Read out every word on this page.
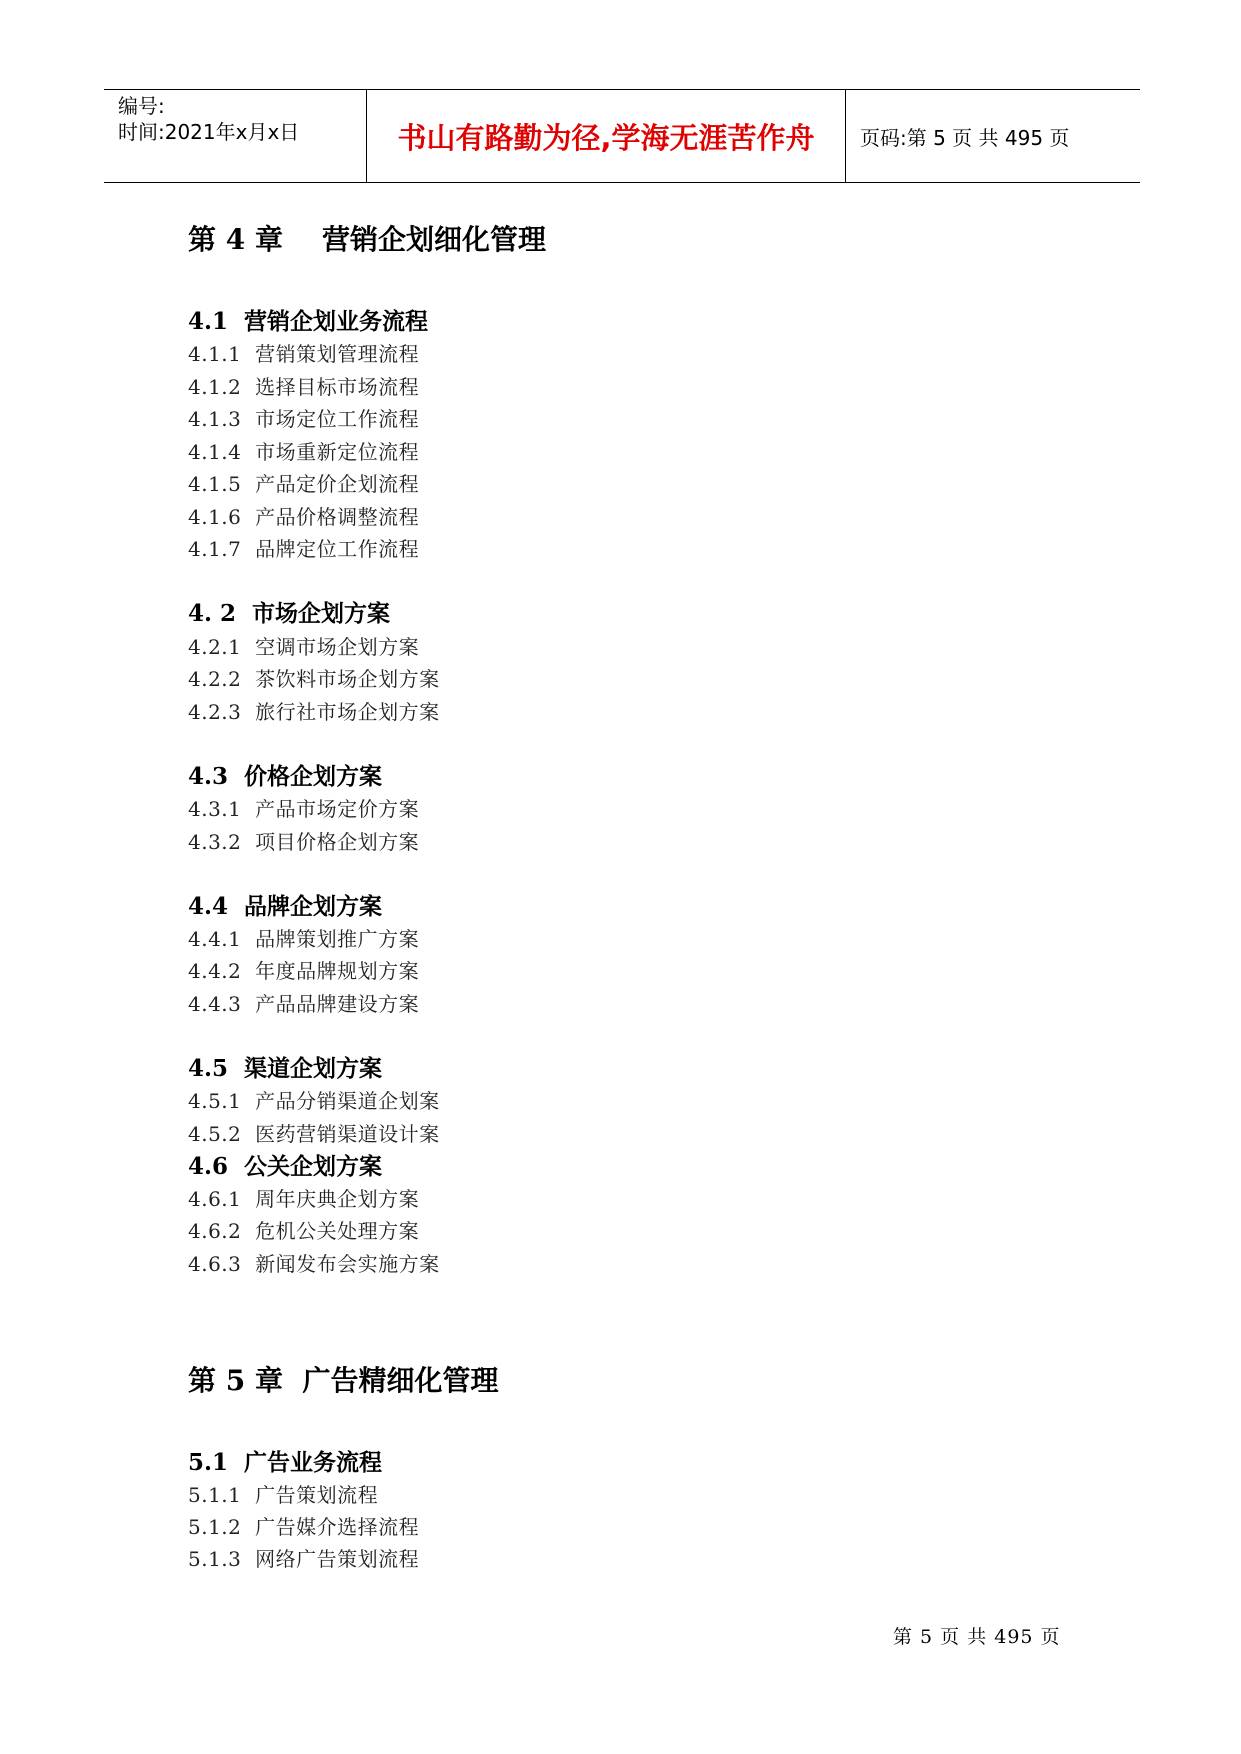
编号:
时间:2021年x月x日	书山有路勤为径,学海无涯苦作舟	页码:第 5 页 共 495 页
第 4 章    营销企划细化管理
4.1  营销企划业务流程
4.1.1  营销策划管理流程
4.1.2  选择目标市场流程
4.1.3  市场定位工作流程
4.1.4  市场重新定位流程
4.1.5  产品定价企划流程
4.1.6  产品价格调整流程
4.1.7  品牌定位工作流程
4. 2  市场企划方案
4.2.1  空调市场企划方案
4.2.2  茶饮料市场企划方案
4.2.3  旅行社市场企划方案
4.3  价格企划方案
4.3.1  产品市场定价方案
4.3.2  项目价格企划方案
4.4  品牌企划方案
4.4.1  品牌策划推广方案
4.4.2  年度品牌规划方案
4.4.3  产品品牌建设方案
4.5  渠道企划方案
4.5.1  产品分销渠道企划案
4.5.2  医药营销渠道设计案
4.6  公关企划方案
4.6.1  周年庆典企划方案
4.6.2  危机公关处理方案
4.6.3  新闻发布会实施方案
第 5 章  广告精细化管理
5.1  广告业务流程
5.1.1  广告策划流程
5.1.2  广告媒介选择流程
5.1.3  网络广告策划流程
第 5 页 共 495 页
